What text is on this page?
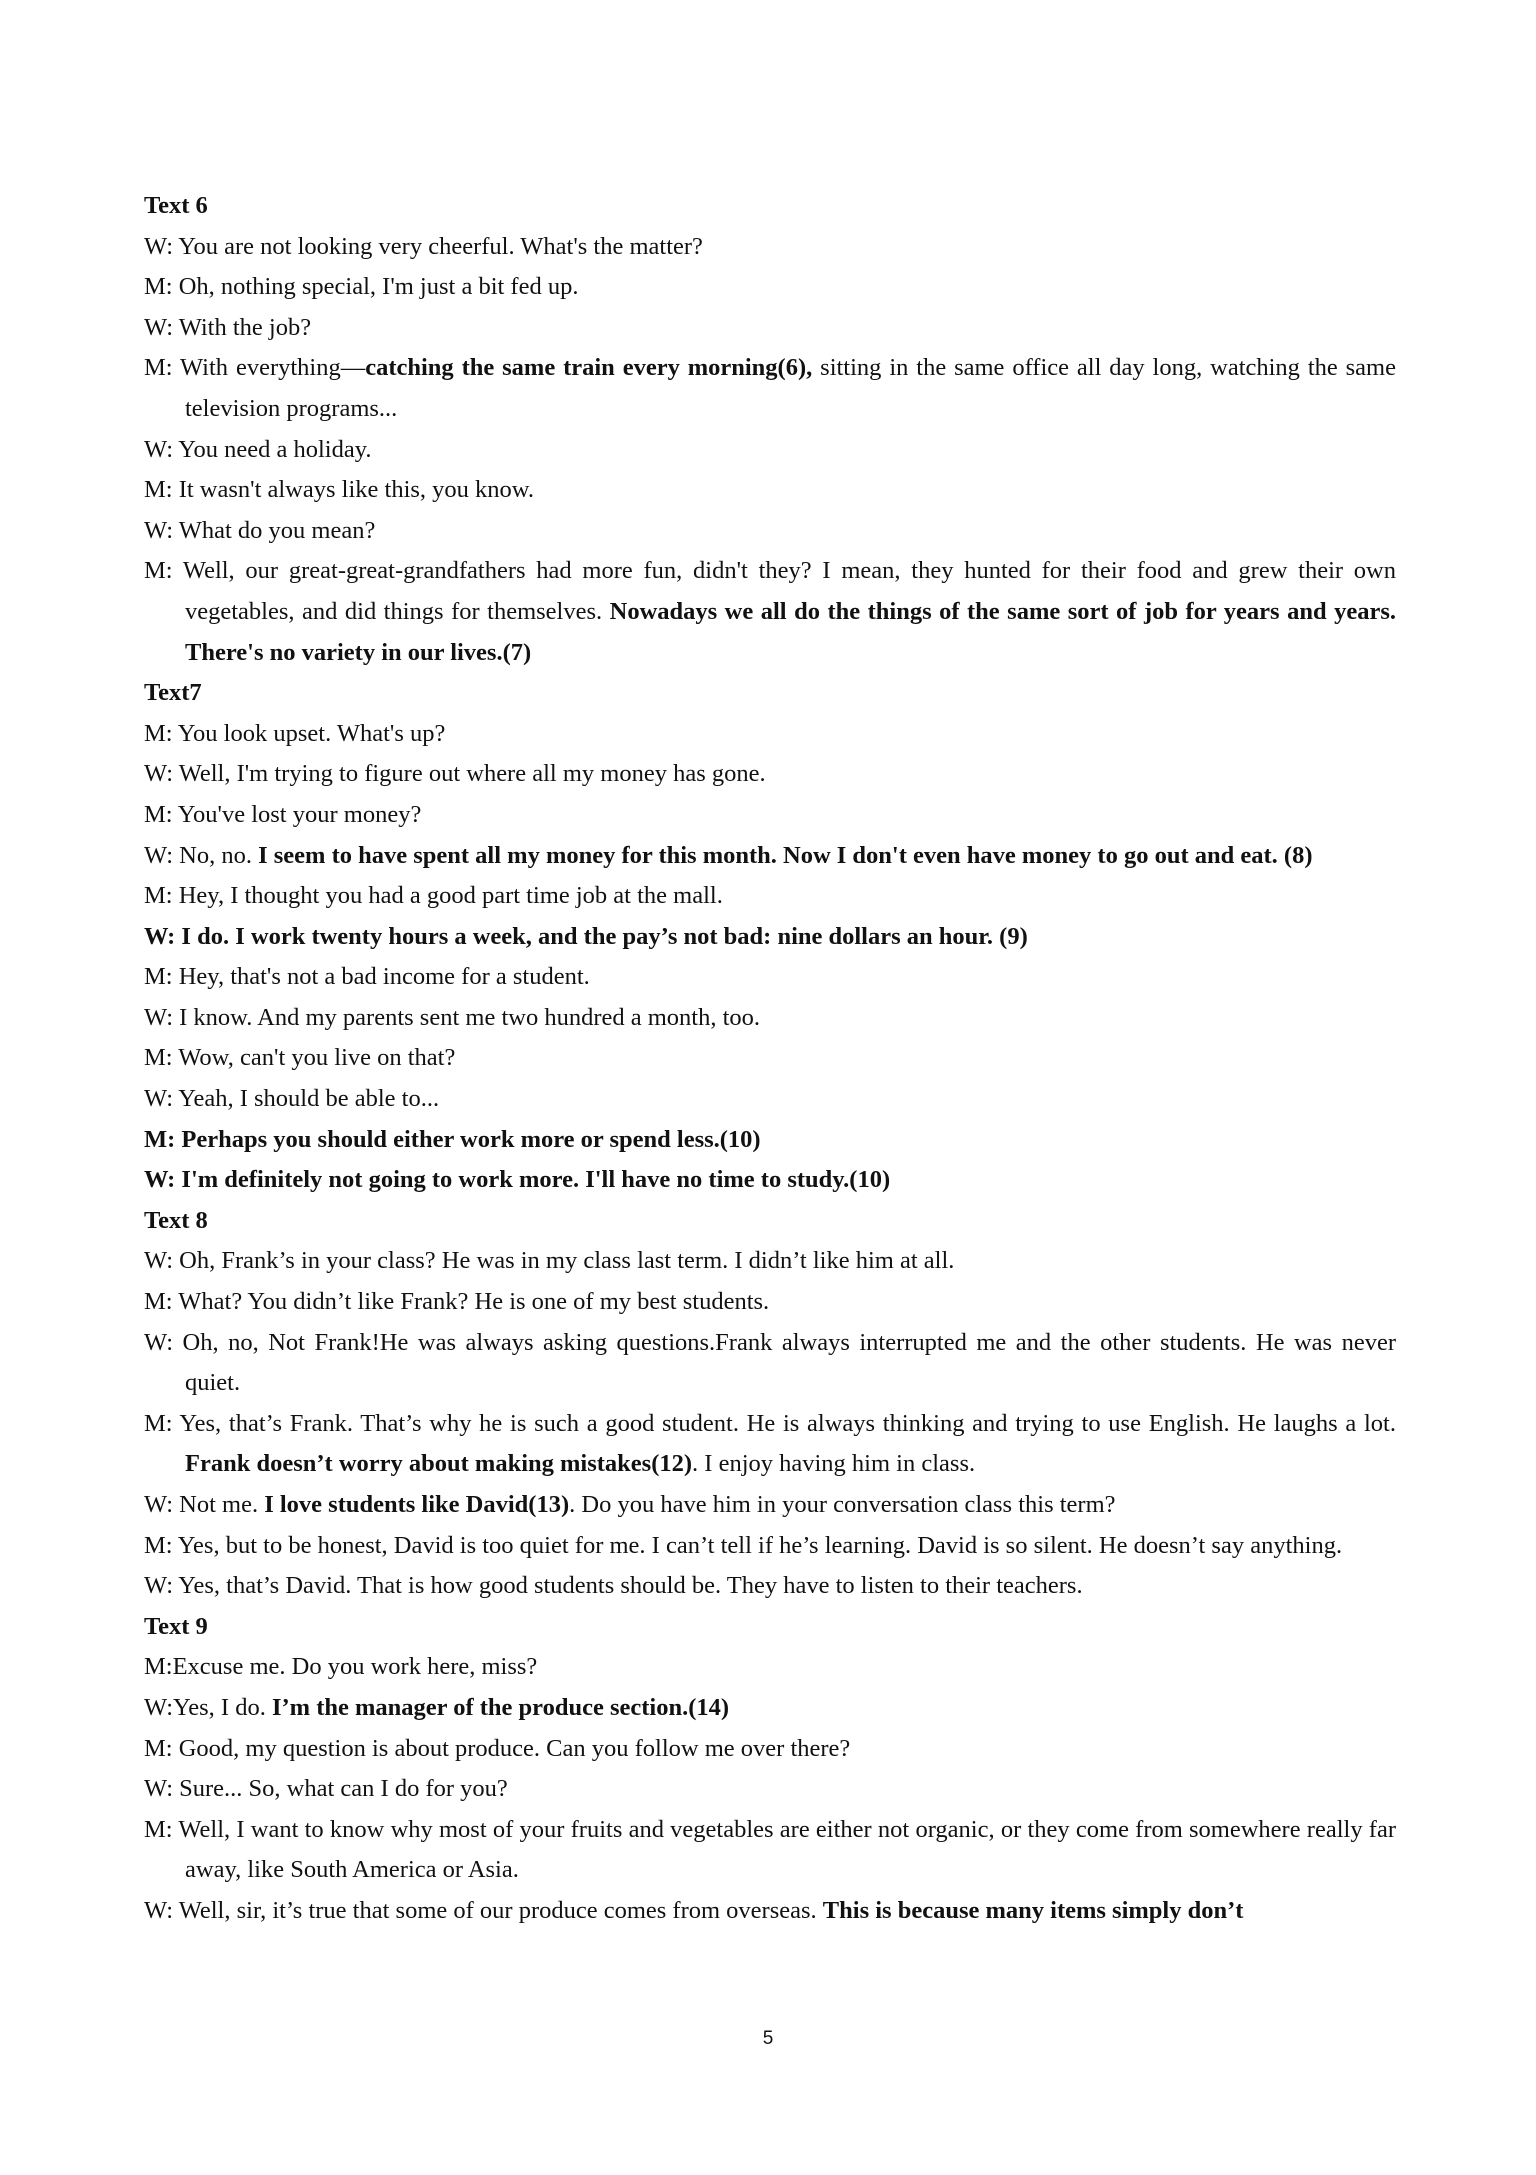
Text 6

W: You are not looking very cheerful. What's the matter?

M: Oh, nothing special, I'm just a bit fed up.

W: With the job?

M: With everything—catching the same train every morning(6), sitting in the same office all day long, watching the same television programs...

W: You need a holiday.

M: It wasn't always like this, you know.

W: What do you mean?

M: Well, our great-great-grandfathers had more fun, didn't they? I mean, they hunted for their food and grew their own vegetables, and did things for themselves. Nowadays we all do the things of the same sort of job for years and years. There's no variety in our lives.(7)

Text7

M: You look upset. What's up?

W: Well, I'm trying to figure out where all my money has gone.

M: You've lost your money?

W: No, no. I seem to have spent all my money for this month. Now I don't even have money to go out and eat. (8)

M: Hey, I thought you had a good part time job at the mall.

W: I do. I work twenty hours a week, and the pay’s not bad: nine dollars an hour. (9)

M: Hey, that's not a bad income for a student.

W: I know. And my parents sent me two hundred a month, too.

M: Wow, can't you live on that?

W: Yeah, I should be able to...

M: Perhaps you should either work more or spend less.(10)

W: I'm definitely not going to work more. I'll have no time to study.(10)

Text 8

W: Oh, Frank’s in your class? He was in my class last term. I didn’t like him at all.

M: What? You didn’t like Frank? He is one of my best students.

W: Oh, no, Not Frank!He was always asking questions.Frank always interrupted me and the other students. He was never quiet.

M: Yes, that’s Frank. That’s why he is such a good student. He is always thinking and trying to use English. He laughs a lot. Frank doesn’t worry about making mistakes(12). I enjoy having him in class.

W: Not me. I love students like David(13). Do you have him in your conversation class this term?

M: Yes, but to be honest, David is too quiet for me. I can’t tell if he’s learning. David is so silent. He doesn’t say anything.

W: Yes, that’s David. That is how good students should be. They have to listen to their teachers.

Text 9

M:Excuse me. Do you work here, miss?

W:Yes, I do. I’m the manager of the produce section.(14)

M: Good, my question is about produce. Can you follow me over there?

W: Sure... So, what can I do for you?

M: Well, I want to know why most of your fruits and vegetables are either not organic, or they come from somewhere really far away, like South America or Asia.

W: Well, sir, it’s true that some of our produce comes from overseas. This is because many items simply don’t

5
